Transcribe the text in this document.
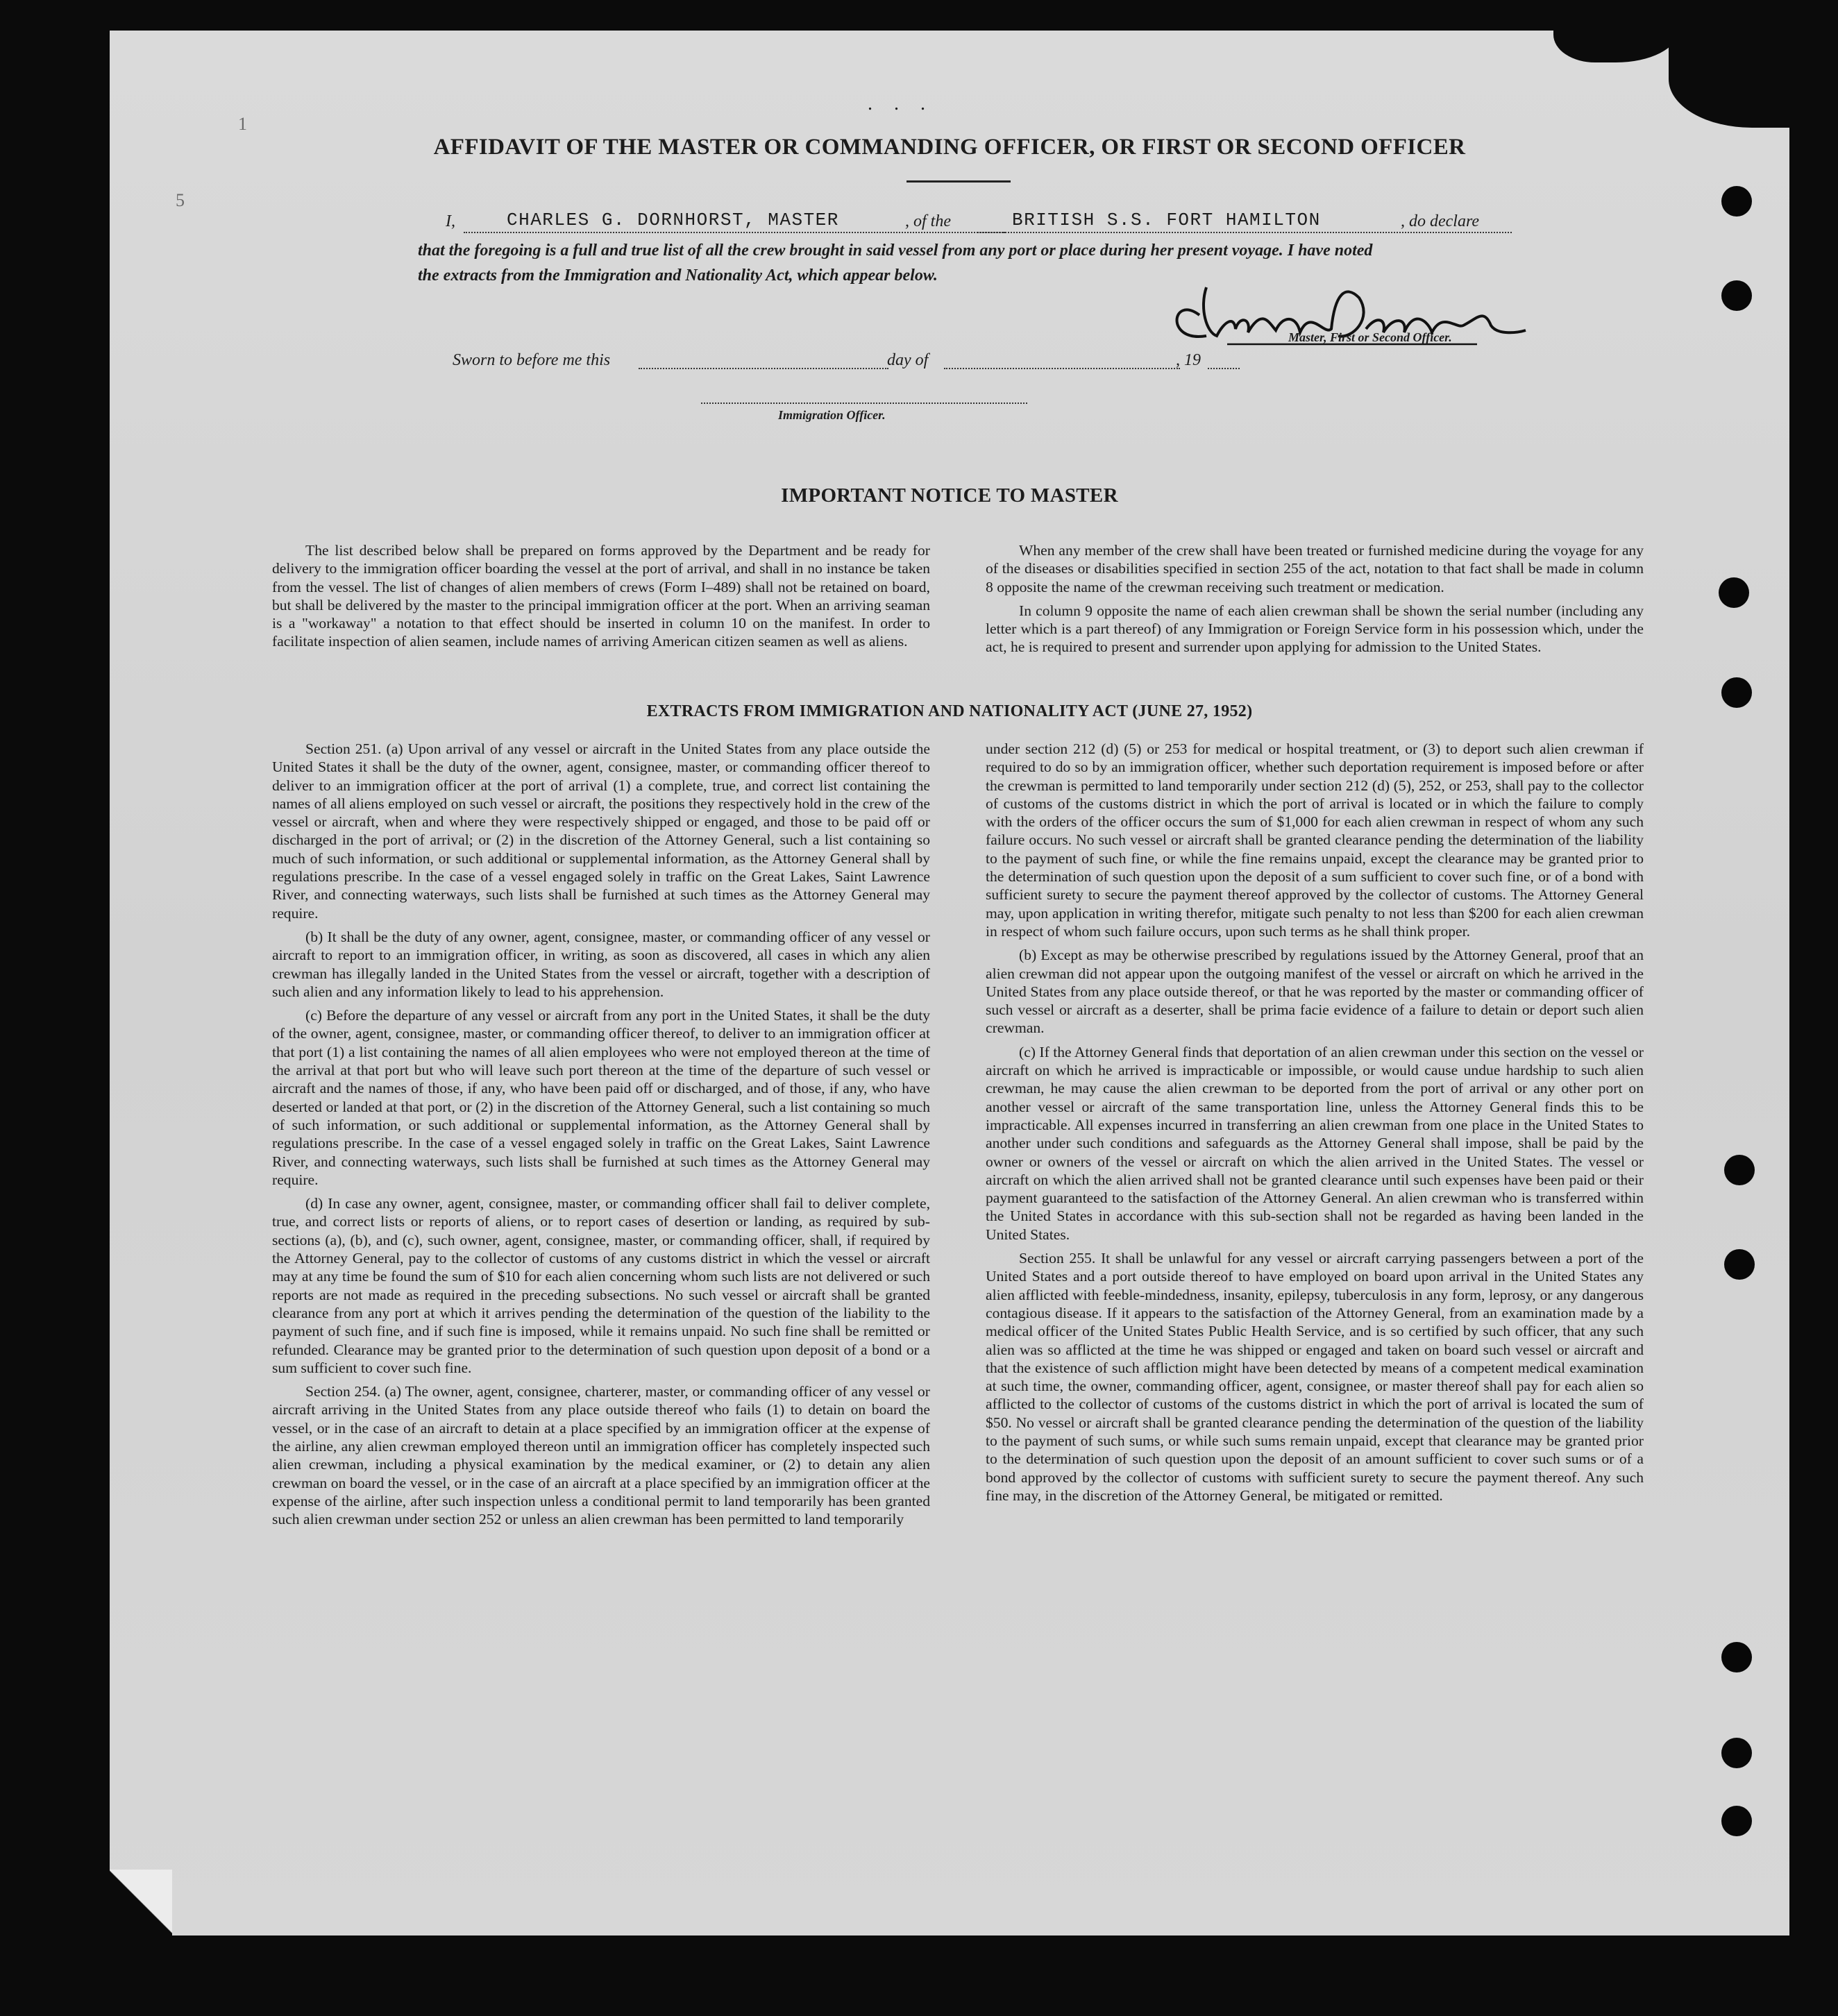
1
5
. . .
AFFIDAVIT OF THE MASTER OR COMMANDING OFFICER, OR FIRST OR SECOND OFFICER
I,	CHARLES G. DORNHORST, MASTER	, of the	BRITISH S.S. FORT HAMILTON	, do declare
that the foregoing is a full and true list of all the crew brought in said vessel from any port or place during her present voyage. I have noted
the extracts from the Immigration and Nationality Act, which appear below.
Master, First or Second Officer.
Sworn to before me this	day of	, 19
Immigration Officer.
IMPORTANT NOTICE TO MASTER

The list described below shall be prepared on forms approved by the Department and be ready for delivery to the immigration officer boarding the vessel at the port of arrival, and shall in no instance be taken from the vessel. The list of changes of alien members of crews (Form I–489) shall not be retained on board, but shall be delivered by the master to the principal immigration officer at the port. When an arriving seaman is a "workaway" a notation to that effect should be inserted in column 10 on the manifest. In order to facilitate inspection of alien seamen, include names of arriving American citizen seamen as well as aliens.

When any member of the crew shall have been treated or furnished medicine during the voyage for any of the diseases or disabilities specified in section 255 of the act, notation to that fact shall be made in column 8 opposite the name of the crewman receiving such treatment or medication.

In column 9 opposite the name of each alien crewman shall be shown the serial number (including any letter which is a part thereof) of any Immigration or Foreign Service form in his possession which, under the act, he is required to present and surrender upon applying for admission to the United States.

EXTRACTS FROM IMMIGRATION AND NATIONALITY ACT (JUNE 27, 1952)

Section 251. (a) Upon arrival of any vessel or aircraft in the United States from any place outside the United States it shall be the duty of the owner, agent, consignee, master, or commanding officer thereof to deliver to an immigration officer at the port of arrival (1) a complete, true, and correct list containing the names of all aliens employed on such vessel or aircraft, the positions they respectively hold in the crew of the vessel or aircraft, when and where they were respectively shipped or engaged, and those to be paid off or discharged in the port of arrival; or (2) in the discretion of the Attorney General, such a list containing so much of such information, or such additional or supplemental information, as the Attorney General shall by regulations prescribe. In the case of a vessel engaged solely in traffic on the Great Lakes, Saint Lawrence River, and connecting waterways, such lists shall be furnished at such times as the Attorney General may require.

(b) It shall be the duty of any owner, agent, consignee, master, or commanding officer of any vessel or aircraft to report to an immigration officer, in writing, as soon as discovered, all cases in which any alien crewman has illegally landed in the United States from the vessel or aircraft, together with a description of such alien and any information likely to lead to his apprehension.

(c) Before the departure of any vessel or aircraft from any port in the United States, it shall be the duty of the owner, agent, consignee, master, or commanding officer thereof, to deliver to an immigration officer at that port (1) a list containing the names of all alien employees who were not employed thereon at the time of the arrival at that port but who will leave such port thereon at the time of the departure of such vessel or aircraft and the names of those, if any, who have been paid off or discharged, and of those, if any, who have deserted or landed at that port, or (2) in the discretion of the Attorney General, such a list containing so much of such information, or such additional or supplemental information, as the Attorney General shall by regulations prescribe. In the case of a vessel engaged solely in traffic on the Great Lakes, Saint Lawrence River, and connecting waterways, such lists shall be furnished at such times as the Attorney General may require.

(d) In case any owner, agent, consignee, master, or commanding officer shall fail to deliver complete, true, and correct lists or reports of aliens, or to report cases of desertion or landing, as required by sub-sections (a), (b), and (c), such owner, agent, consignee, master, or commanding officer, shall, if required by the Attorney General, pay to the collector of customs of any customs district in which the vessel or aircraft may at any time be found the sum of $10 for each alien concerning whom such lists are not delivered or such reports are not made as required in the preceding subsections. No such vessel or aircraft shall be granted clearance from any port at which it arrives pending the determination of the question of the liability to the payment of such fine, and if such fine is imposed, while it remains unpaid. No such fine shall be remitted or refunded. Clearance may be granted prior to the determination of such question upon deposit of a bond or a sum sufficient to cover such fine.

Section 254. (a) The owner, agent, consignee, charterer, master, or commanding officer of any vessel or aircraft arriving in the United States from any place outside thereof who fails (1) to detain on board the vessel, or in the case of an aircraft to detain at a place specified by an immigration officer at the expense of the airline, any alien crewman employed thereon until an immigration officer has completely inspected such alien crewman, including a physical examination by the medical examiner, or (2) to detain any alien crewman on board the vessel, or in the case of an aircraft at a place specified by an immigration officer at the expense of the airline, after such inspection unless a conditional permit to land temporarily has been granted such alien crewman under section 252 or unless an alien crewman has been permitted to land temporarily

under section 212 (d) (5) or 253 for medical or hospital treatment, or (3) to deport such alien crewman if required to do so by an immigration officer, whether such deportation requirement is imposed before or after the crewman is permitted to land temporarily under section 212 (d) (5), 252, or 253, shall pay to the collector of customs of the customs district in which the port of arrival is located or in which the failure to comply with the orders of the officer occurs the sum of $1,000 for each alien crewman in respect of whom any such failure occurs. No such vessel or aircraft shall be granted clearance pending the determination of the liability to the payment of such fine, or while the fine remains unpaid, except the clearance may be granted prior to the determination of such question upon the deposit of a sum sufficient to cover such fine, or of a bond with sufficient surety to secure the payment thereof approved by the collector of customs. The Attorney General may, upon application in writing therefor, mitigate such penalty to not less than $200 for each alien crewman in respect of whom such failure occurs, upon such terms as he shall think proper.

(b) Except as may be otherwise prescribed by regulations issued by the Attorney General, proof that an alien crewman did not appear upon the outgoing manifest of the vessel or aircraft on which he arrived in the United States from any place outside thereof, or that he was reported by the master or commanding officer of such vessel or aircraft as a deserter, shall be prima facie evidence of a failure to detain or deport such alien crewman.

(c) If the Attorney General finds that deportation of an alien crewman under this section on the vessel or aircraft on which he arrived is impracticable or impossible, or would cause undue hardship to such alien crewman, he may cause the alien crewman to be deported from the port of arrival or any other port on another vessel or aircraft of the same transportation line, unless the Attorney General finds this to be impracticable. All expenses incurred in transferring an alien crewman from one place in the United States to another under such conditions and safeguards as the Attorney General shall impose, shall be paid by the owner or owners of the vessel or aircraft on which the alien arrived in the United States. The vessel or aircraft on which the alien arrived shall not be granted clearance until such expenses have been paid or their payment guaranteed to the satisfaction of the Attorney General. An alien crewman who is transferred within the United States in accordance with this sub-section shall not be regarded as having been landed in the United States.

Section 255. It shall be unlawful for any vessel or aircraft carrying passengers between a port of the United States and a port outside thereof to have employed on board upon arrival in the United States any alien afflicted with feeble-mindedness, insanity, epilepsy, tuberculosis in any form, leprosy, or any dangerous contagious disease. If it appears to the satisfaction of the Attorney General, from an examination made by a medical officer of the United States Public Health Service, and is so certified by such officer, that any such alien was so afflicted at the time he was shipped or engaged and taken on board such vessel or aircraft and that the existence of such affliction might have been detected by means of a competent medical examination at such time, the owner, commanding officer, agent, consignee, or master thereof shall pay for each alien so afflicted to the collector of customs of the customs district in which the port of arrival is located the sum of $50. No vessel or aircraft shall be granted clearance pending the determination of the question of the liability to the payment of such sums, or while such sums remain unpaid, except that clearance may be granted prior to the determination of such question upon the deposit of an amount sufficient to cover such sums or of a bond approved by the collector of customs with sufficient surety to secure the payment thereof. Any such fine may, in the discretion of the Attorney General, be mitigated or remitted.
